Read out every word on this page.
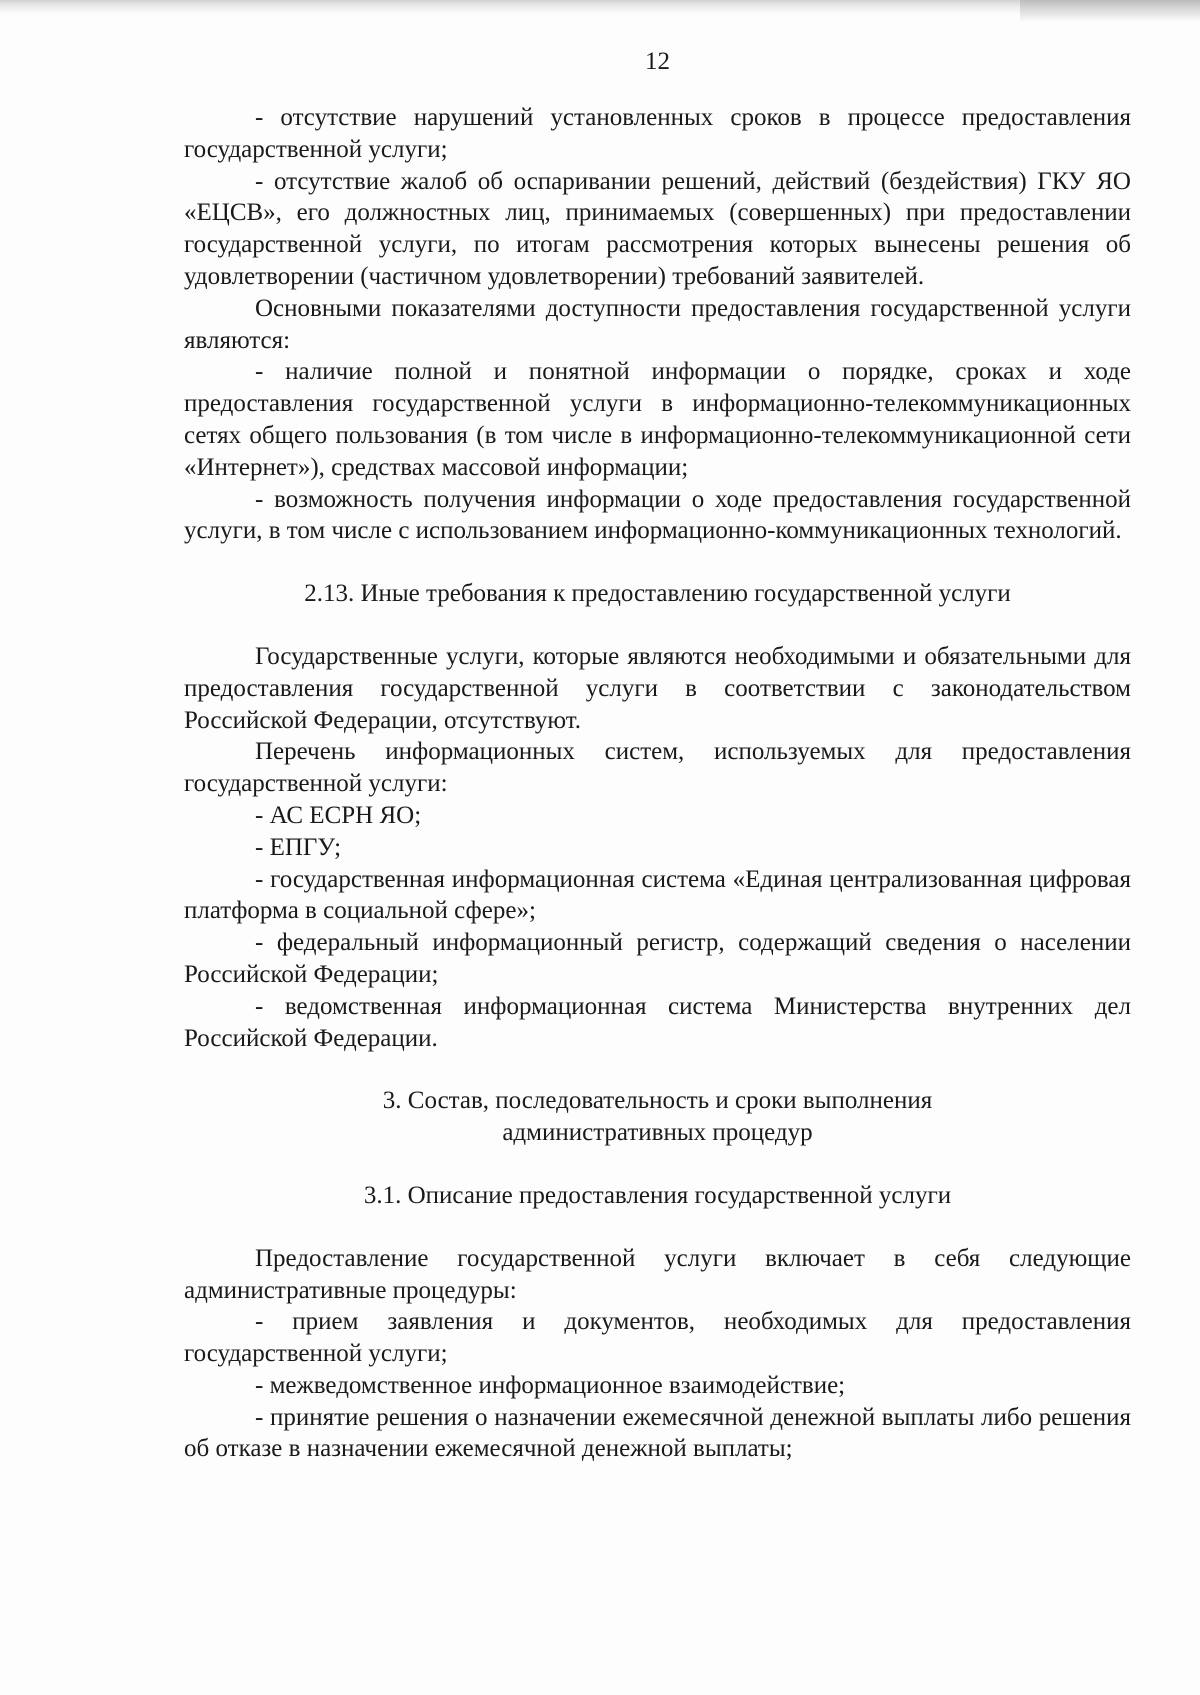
12

- отсутствие нарушений установленных сроков в процессе предоставления государственной услуги;

- отсутствие жалоб об оспаривании решений, действий (бездействия) ГКУ ЯО «ЕЦСВ», его должностных лиц, принимаемых (совершенных) при предоставлении государственной услуги, по итогам рассмотрения которых вынесены решения об удовлетворении (частичном удовлетворении) требований заявителей.

Основными показателями доступности предоставления государственной услуги являются:

- наличие полной и понятной информации о порядке, сроках и ходе предоставления государственной услуги в информационно-телекоммуникационных сетях общего пользования (в том числе в информационно-телекоммуникационной сети «Интернет»), средствах массовой информации;

- возможность получения информации о ходе предоставления государственной услуги, в том числе с использованием информационно-коммуникационных технологий.

2.13. Иные требования к предоставлению государственной услуги

Государственные услуги, которые являются необходимыми и обязательными для предоставления государственной услуги в соответствии с законодательством Российской Федерации, отсутствуют.

Перечень информационных систем, используемых для предоставления государственной услуги:

- АС ЕСРН ЯО;

- ЕПГУ;

- государственная информационная система «Единая централизованная цифровая платформа в социальной сфере»;

- федеральный информационный регистр, содержащий сведения о населении Российской Федерации;

- ведомственная информационная система Министерства внутренних дел Российской Федерации.

3. Состав, последовательность и сроки выполнения

административных процедур

3.1. Описание предоставления государственной услуги

Предоставление государственной услуги включает в себя следующие административные процедуры:

- прием заявления и документов, необходимых для предоставления государственной услуги;

- межведомственное информационное взаимодействие;

- принятие решения о назначении ежемесячной денежной выплаты либо решения об отказе в назначении ежемесячной денежной выплаты;
